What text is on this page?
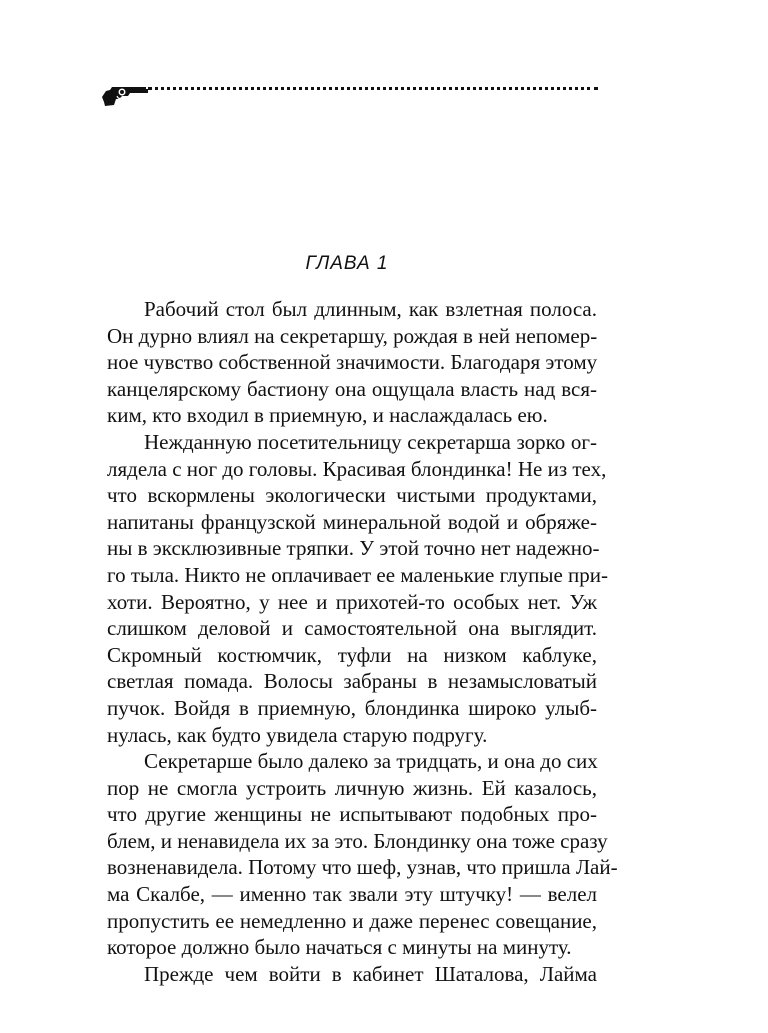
ГЛАВА 1
Рабочий стол был длинным, как взлетная полоса.
Он дурно влиял на секретаршу, рождая в ней непомер-
ное чувство собственной значимости. Благодаря этому
канцелярскому бастиону она ощущала власть над вся-
ким, кто входил в приемную, и наслаждалась ею.
Нежданную посетительницу секретарша зорко ог-
лядела с ног до головы. Красивая блондинка! Не из тех,
что вскормлены экологически чистыми продуктами,
напитаны французской минеральной водой и обряже-
ны в эксклюзивные тряпки. У этой точно нет надежно-
го тыла. Никто не оплачивает ее маленькие глупые при-
хоти. Вероятно, у нее и прихотей-то особых нет. Уж
слишком деловой и самостоятельной она выглядит.
Скромный костюмчик, туфли на низком каблуке,
светлая помада. Волосы забраны в незамысловатый
пучок. Войдя в приемную, блондинка широко улыб-
нулась, как будто увидела старую подругу.
Секретарше было далеко за тридцать, и она до сих
пор не смогла устроить личную жизнь. Ей казалось,
что другие женщины не испытывают подобных про-
блем, и ненавидела их за это. Блондинку она тоже сразу
возненавидела. Потому что шеф, узнав, что пришла Лай-
ма Скалбе, — именно так звали эту штучку! — велел
пропустить ее немедленно и даже перенес совещание,
которое должно было начаться с минуты на минуту.
Прежде чем войти в кабинет Шаталова, Лайма
